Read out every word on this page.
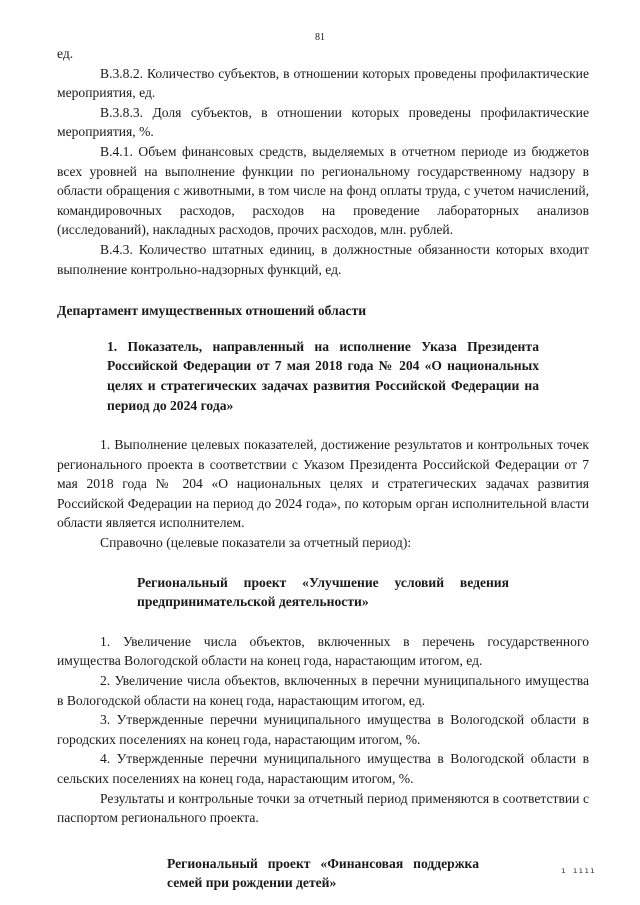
81

ед.

В.3.8.2. Количество субъектов, в отношении которых проведены профилактические мероприятия, ед.

В.3.8.3. Доля субъектов, в отношении которых проведены профилактические мероприятия, %.

В.4.1. Объем финансовых средств, выделяемых в отчетном периоде из бюджетов всех уровней на выполнение функции по региональному государственному надзору в области обращения с животными, в том числе на фонд оплаты труда, с учетом начислений, командировочных расходов, расходов на проведение лабораторных анализов (исследований), накладных расходов, прочих расходов, млн. рублей.

В.4.3. Количество штатных единиц, в должностные обязанности которых входит выполнение контрольно-надзорных функций, ед.

Департамент имущественных отношений области

1. Показатель, направленный на исполнение Указа Президента Российской Федерации от 7 мая 2018 года № 204 «О национальных целях и стратегических задачах развития Российской Федерации на период до 2024 года»

1. Выполнение целевых показателей, достижение результатов и контрольных точек регионального проекта в соответствии с Указом Президента Российской Федерации от 7 мая 2018 года № 204 «О национальных целях и стратегических задачах развития Российской Федерации на период до 2024 года», по которым орган исполнительной власти области является исполнителем.

Справочно (целевые показатели за отчетный период):

Региональный проект «Улучшение условий ведения предпринимательской деятельности»

1. Увеличение числа объектов, включенных в перечень государственного имущества Вологодской области на конец года, нарастающим итогом, ед.

2. Увеличение числа объектов, включенных в перечни муниципального имущества в Вологодской области на конец года, нарастающим итогом, ед.

3. Утвержденные перечни муниципального имущества в Вологодской области в городских поселениях на конец года, нарастающим итогом, %.

4. Утвержденные перечни муниципального имущества в Вологодской области в сельских поселениях на конец года, нарастающим итогом, %.

Результаты и контрольные точки за отчетный период применяются в соответствии с паспортом регионального проекта.

Региональный проект «Финансовая поддержка семей при рождении детей»

ı ıııı
